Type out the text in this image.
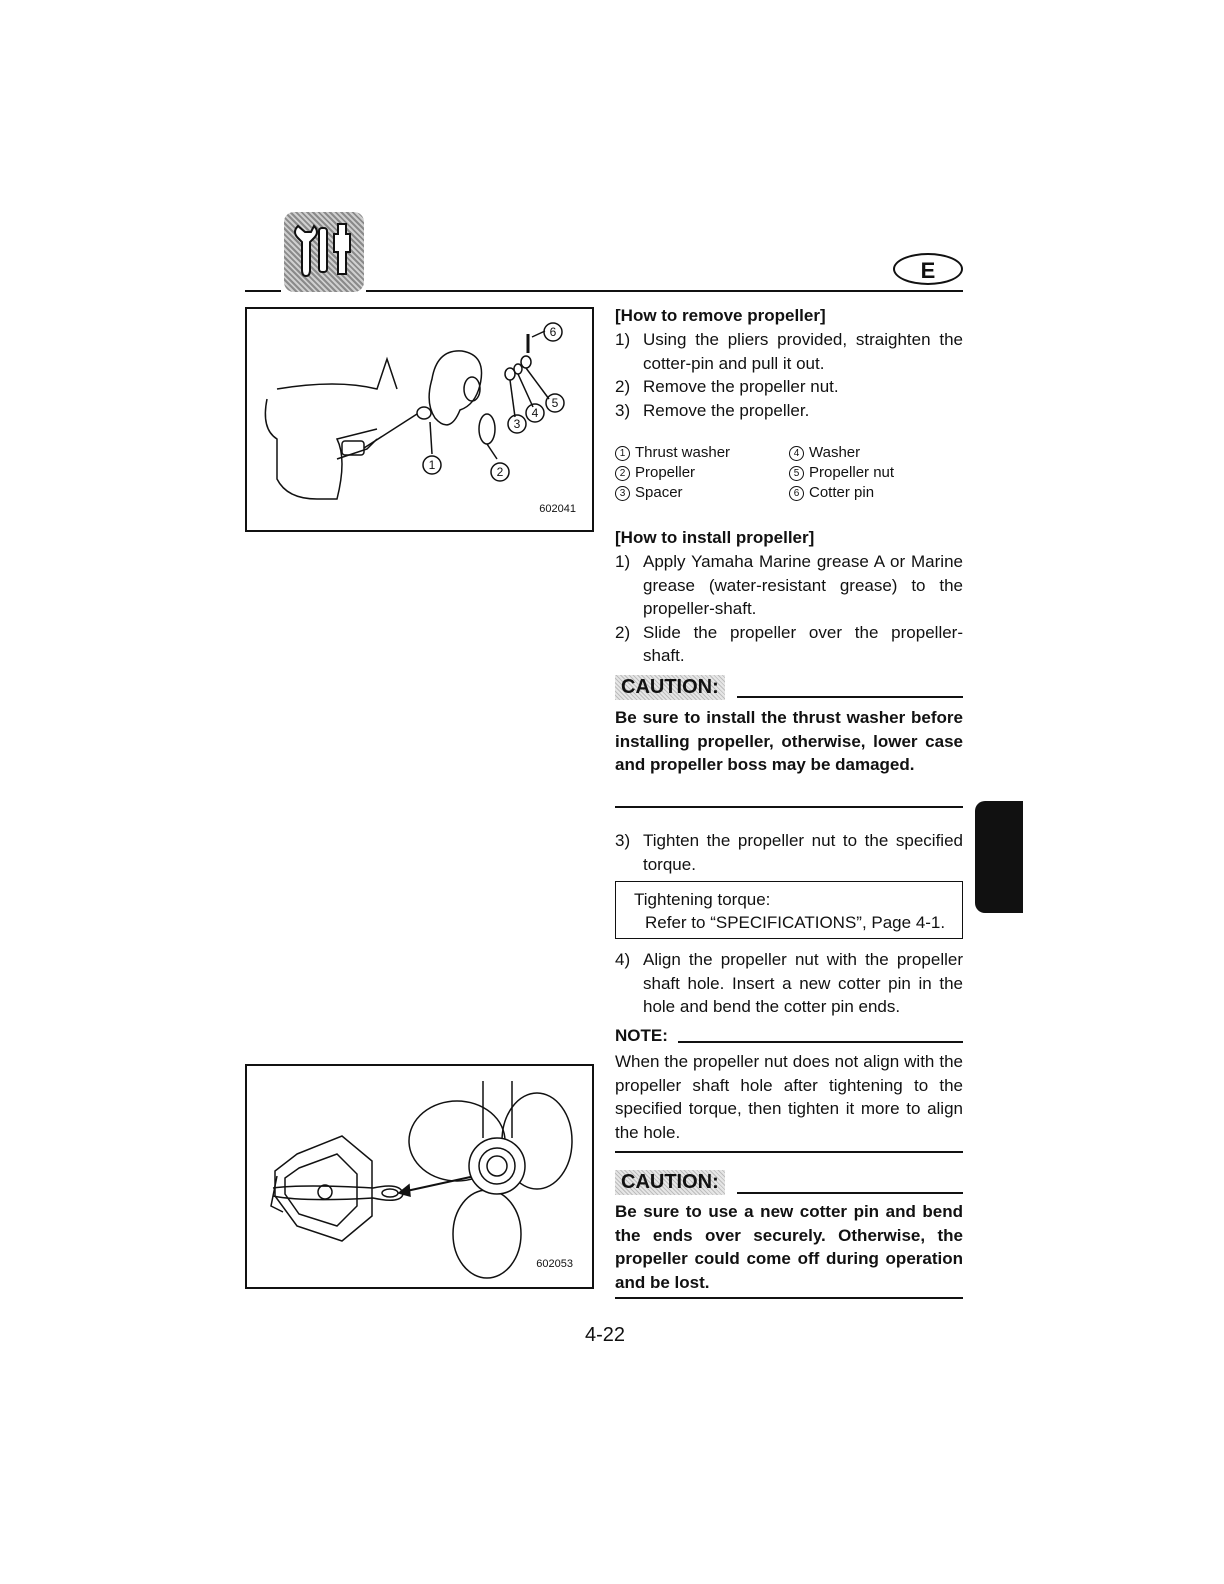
E
1	2
3
4
5
6
602041
602053
[How to remove propeller]
1) Using the pliers provided, straighten the cotter-pin and pull it out.
2) Remove the propeller nut.
3) Remove the propeller.
1 Thrust washer	4 Washer
2 Propeller	5 Propeller nut
3 Spacer	6 Cotter pin
[How to install propeller]
1) Apply Yamaha Marine grease A or Marine grease (water-resistant grease) to the propeller-shaft.
2) Slide the propeller over the propeller-shaft.
CAUTION:
Be sure to install the thrust washer before installing propeller, otherwise, lower case and propeller boss may be damaged.
3) Tighten the propeller nut to the specified torque.
Tightening torque:
Refer to “SPECIFICATIONS”, Page 4-1.
4) Align the propeller nut with the propeller shaft hole. Insert a new cotter pin in the hole and bend the cotter pin ends.
NOTE:
When the propeller nut does not align with the propeller shaft hole after tightening to the specified torque, then tighten it more to align the hole.
CAUTION:
Be sure to use a new cotter pin and bend the ends over securely. Otherwise, the propeller could come off during operation and be lost.
4-22
